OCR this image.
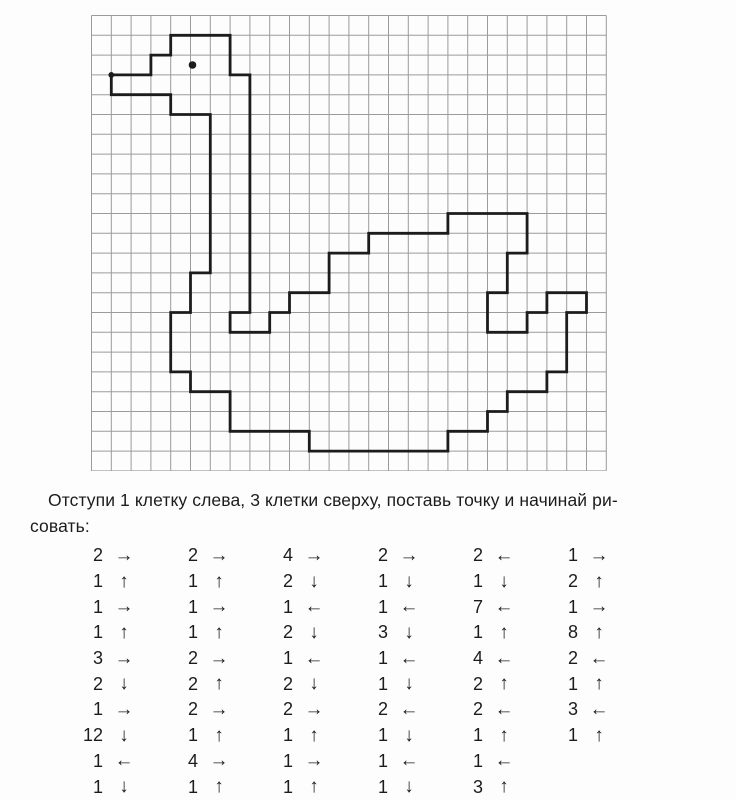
Отступи 1 клетку слева, 3 клетки сверху, поставь точку и начинай ри-
совать:
2 →
1 ↑
1 →
1 ↑
3 →
2 ↓
1 →
12 ↓
1 ←
1 ↓
2 →
1 ↑
1 →
1 ↑
2 →
2 ↑
2 →
1 ↑
4 →
1 ↑
4 →
2 ↓
1 ←
2 ↓
1 ←
2 ↓
2 →
1 ↑
1 →
1 ↑
2 →
1 ↓
1 ←
3 ↓
1 ←
1 ↓
2 ←
1 ↓
1 ←
1 ↓
2 ←
1 ↓
7 ←
1 ↑
4 ←
2 ↑
2 ←
1 ↑
1 ←
3 ↑
1 →
2 ↑
1 →
8 ↑
2 ←
1 ↑
3 ←
1 ↑
